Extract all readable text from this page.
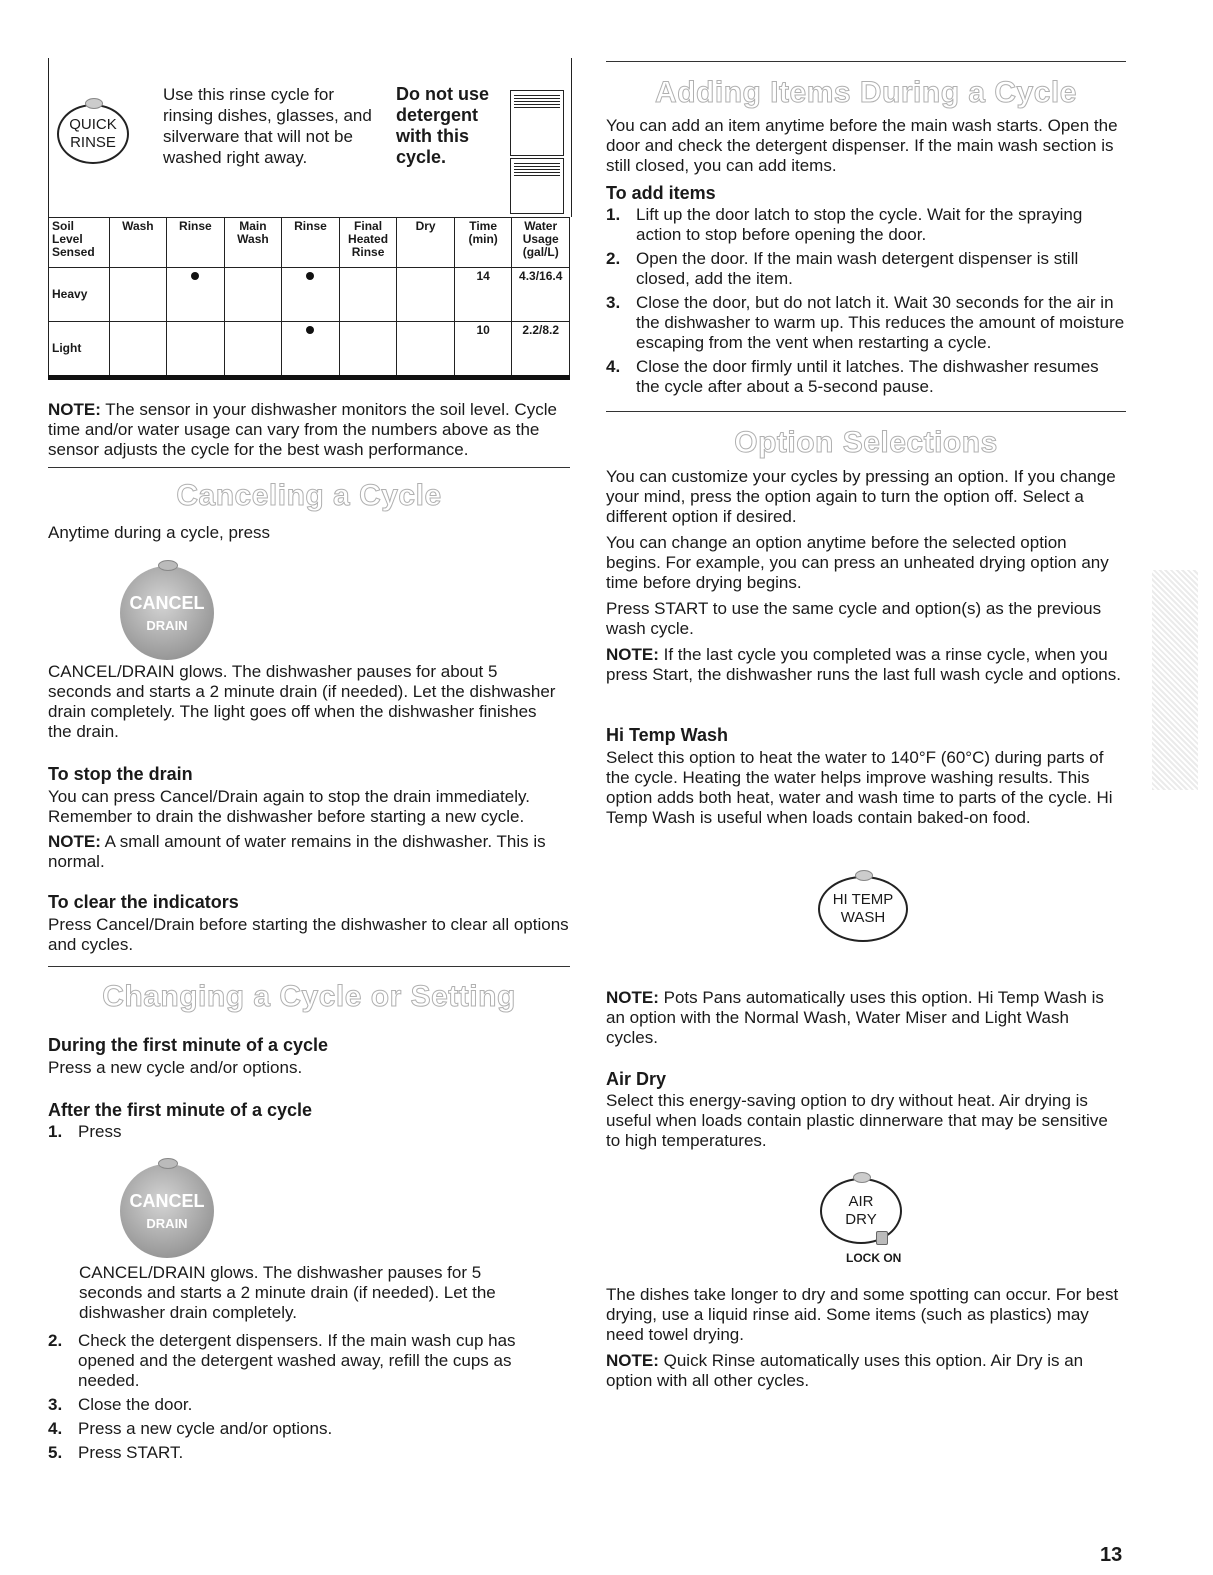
QUICK
RINSE

Use this rinse cycle for rinsing dishes, glasses, and silverware that will not be washed right away.

Do not use detergent with this cycle.

Soil Level Sensed	Wash	Rinse	Main Wash	Rinse	Final Heated Rinse	Dry	Time (min)	Water Usage (gal/L)
Heavy							14	4.3/16.4
Light							10	2.2/8.2

NOTE: The sensor in your dishwasher monitors the soil level. Cycle time and/or water usage can vary from the numbers above as the sensor adjusts the cycle for the best wash performance.

Canceling a Cycle

Anytime during a cycle, press

CANCEL
DRAIN

CANCEL/DRAIN glows. The dishwasher pauses for about 5 seconds and starts a 2 minute drain (if needed). Let the dishwasher drain completely. The light goes off when the dishwasher finishes the drain.

To stop the drain

You can press Cancel/Drain again to stop the drain immediately. Remember to drain the dishwasher before starting a new cycle.

NOTE: A small amount of water remains in the dishwasher. This is normal.

To clear the indicators

Press Cancel/Drain before starting the dishwasher to clear all options and cycles.

Changing a Cycle or Setting

During the first minute of a cycle

Press a new cycle and/or options.

After the first minute of a cycle

1. Press
CANCEL
DRAIN

CANCEL/DRAIN glows. The dishwasher pauses for 5 seconds and starts a 2 minute drain (if needed). Let the dishwasher drain completely.

2. Check the detergent dispensers. If the main wash cup has opened and the detergent washed away, refill the cups as needed.
3. Close the door.
4. Press a new cycle and/or options.
5. Press START.
Adding Items During a Cycle

You can add an item anytime before the main wash starts. Open the door and check the detergent dispenser. If the main wash section is still closed, you can add items.

To add items

1. Lift up the door latch to stop the cycle. Wait for the spraying action to stop before opening the door.
2. Open the door. If the main wash detergent dispenser is still closed, add the item.
3. Close the door, but do not latch it. Wait 30 seconds for the air in the dishwasher to warm up. This reduces the amount of moisture escaping from the vent when restarting a cycle.
4. Close the door firmly until it latches. The dishwasher resumes the cycle after about a 5-second pause.
Option Selections

You can customize your cycles by pressing an option. If you change your mind, press the option again to turn the option off. Select a different option if desired.

You can change an option anytime before the selected option begins. For example, you can press an unheated drying option any time before drying begins.

Press START to use the same cycle and option(s) as the previous wash cycle.

NOTE: If the last cycle you completed was a rinse cycle, when you press Start, the dishwasher runs the last full wash cycle and options.

Hi Temp Wash

Select this option to heat the water to 140°F (60°C) during parts of the cycle. Heating the water helps improve washing results. This option adds both heat, water and wash time to parts of the cycle. Hi Temp Wash is useful when loads contain baked-on food.

HI TEMP
WASH

NOTE: Pots Pans automatically uses this option. Hi Temp Wash is an option with the Normal Wash, Water Miser and Light Wash cycles.

Air Dry

Select this energy-saving option to dry without heat. Air drying is useful when loads contain plastic dinnerware that may be sensitive to high temperatures.

AIR
DRY

LOCK ON

The dishes take longer to dry and some spotting can occur. For best drying, use a liquid rinse aid. Some items (such as plastics) may need towel drying.

NOTE: Quick Rinse automatically uses this option. Air Dry is an option with all other cycles.

13
